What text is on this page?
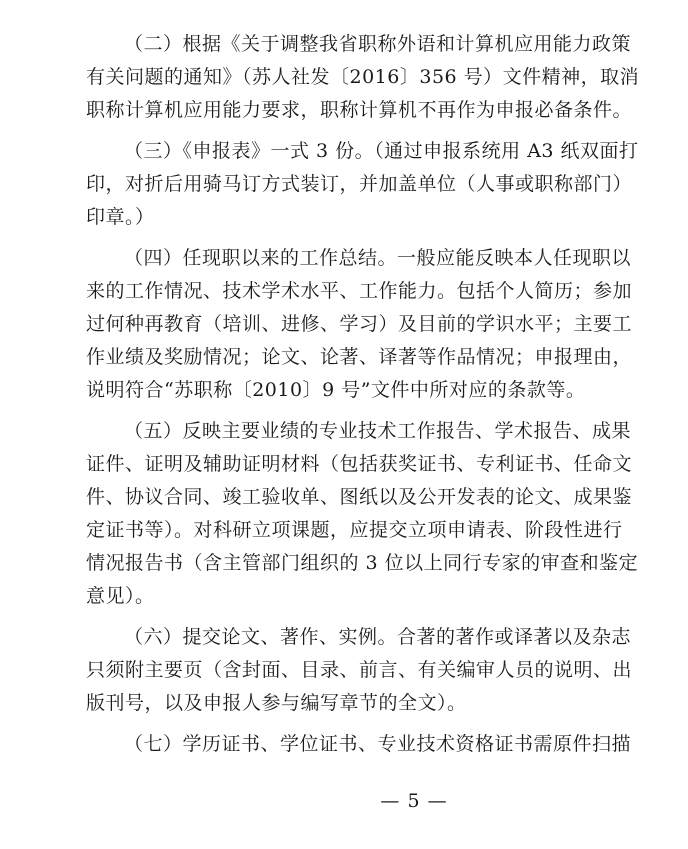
（二）根据《关于调整我省职称外语和计算机应用能力政策
有关问题的通知》（苏人社发〔2016〕356 号）文件精神，取消
职称计算机应用能力要求，职称计算机不再作为申报必备条件。
（三）《申报表》一式 3 份。（通过申报系统用 A3 纸双面打
印，对折后用骑马订方式装订，并加盖单位（人事或职称部门）
印章。）
（四）任现职以来的工作总结。一般应能反映本人任现职以
来的工作情况、技术学术水平、工作能力。包括个人简历；参加
过何种再教育（培训、进修、学习）及目前的学识水平；主要工
作业绩及奖励情况；论文、论著、译著等作品情况；申报理由，
说明符合“苏职称〔2010〕9 号”文件中所对应的条款等。
（五）反映主要业绩的专业技术工作报告、学术报告、成果
证件、证明及辅助证明材料（包括获奖证书、专利证书、任命文
件、协议合同、竣工验收单、图纸以及公开发表的论文、成果鉴
定证书等）。对科研立项课题，应提交立项申请表、阶段性进行
情况报告书（含主管部门组织的 3 位以上同行专家的审查和鉴定
意见）。
（六）提交论文、著作、实例。合著的著作或译著以及杂志
只须附主要页（含封面、目录、前言、有关编审人员的说明、出
版刊号，以及申报人参与编写章节的全文）。
（七）学历证书、学位证书、专业技术资格证书需原件扫描
— 5 —
